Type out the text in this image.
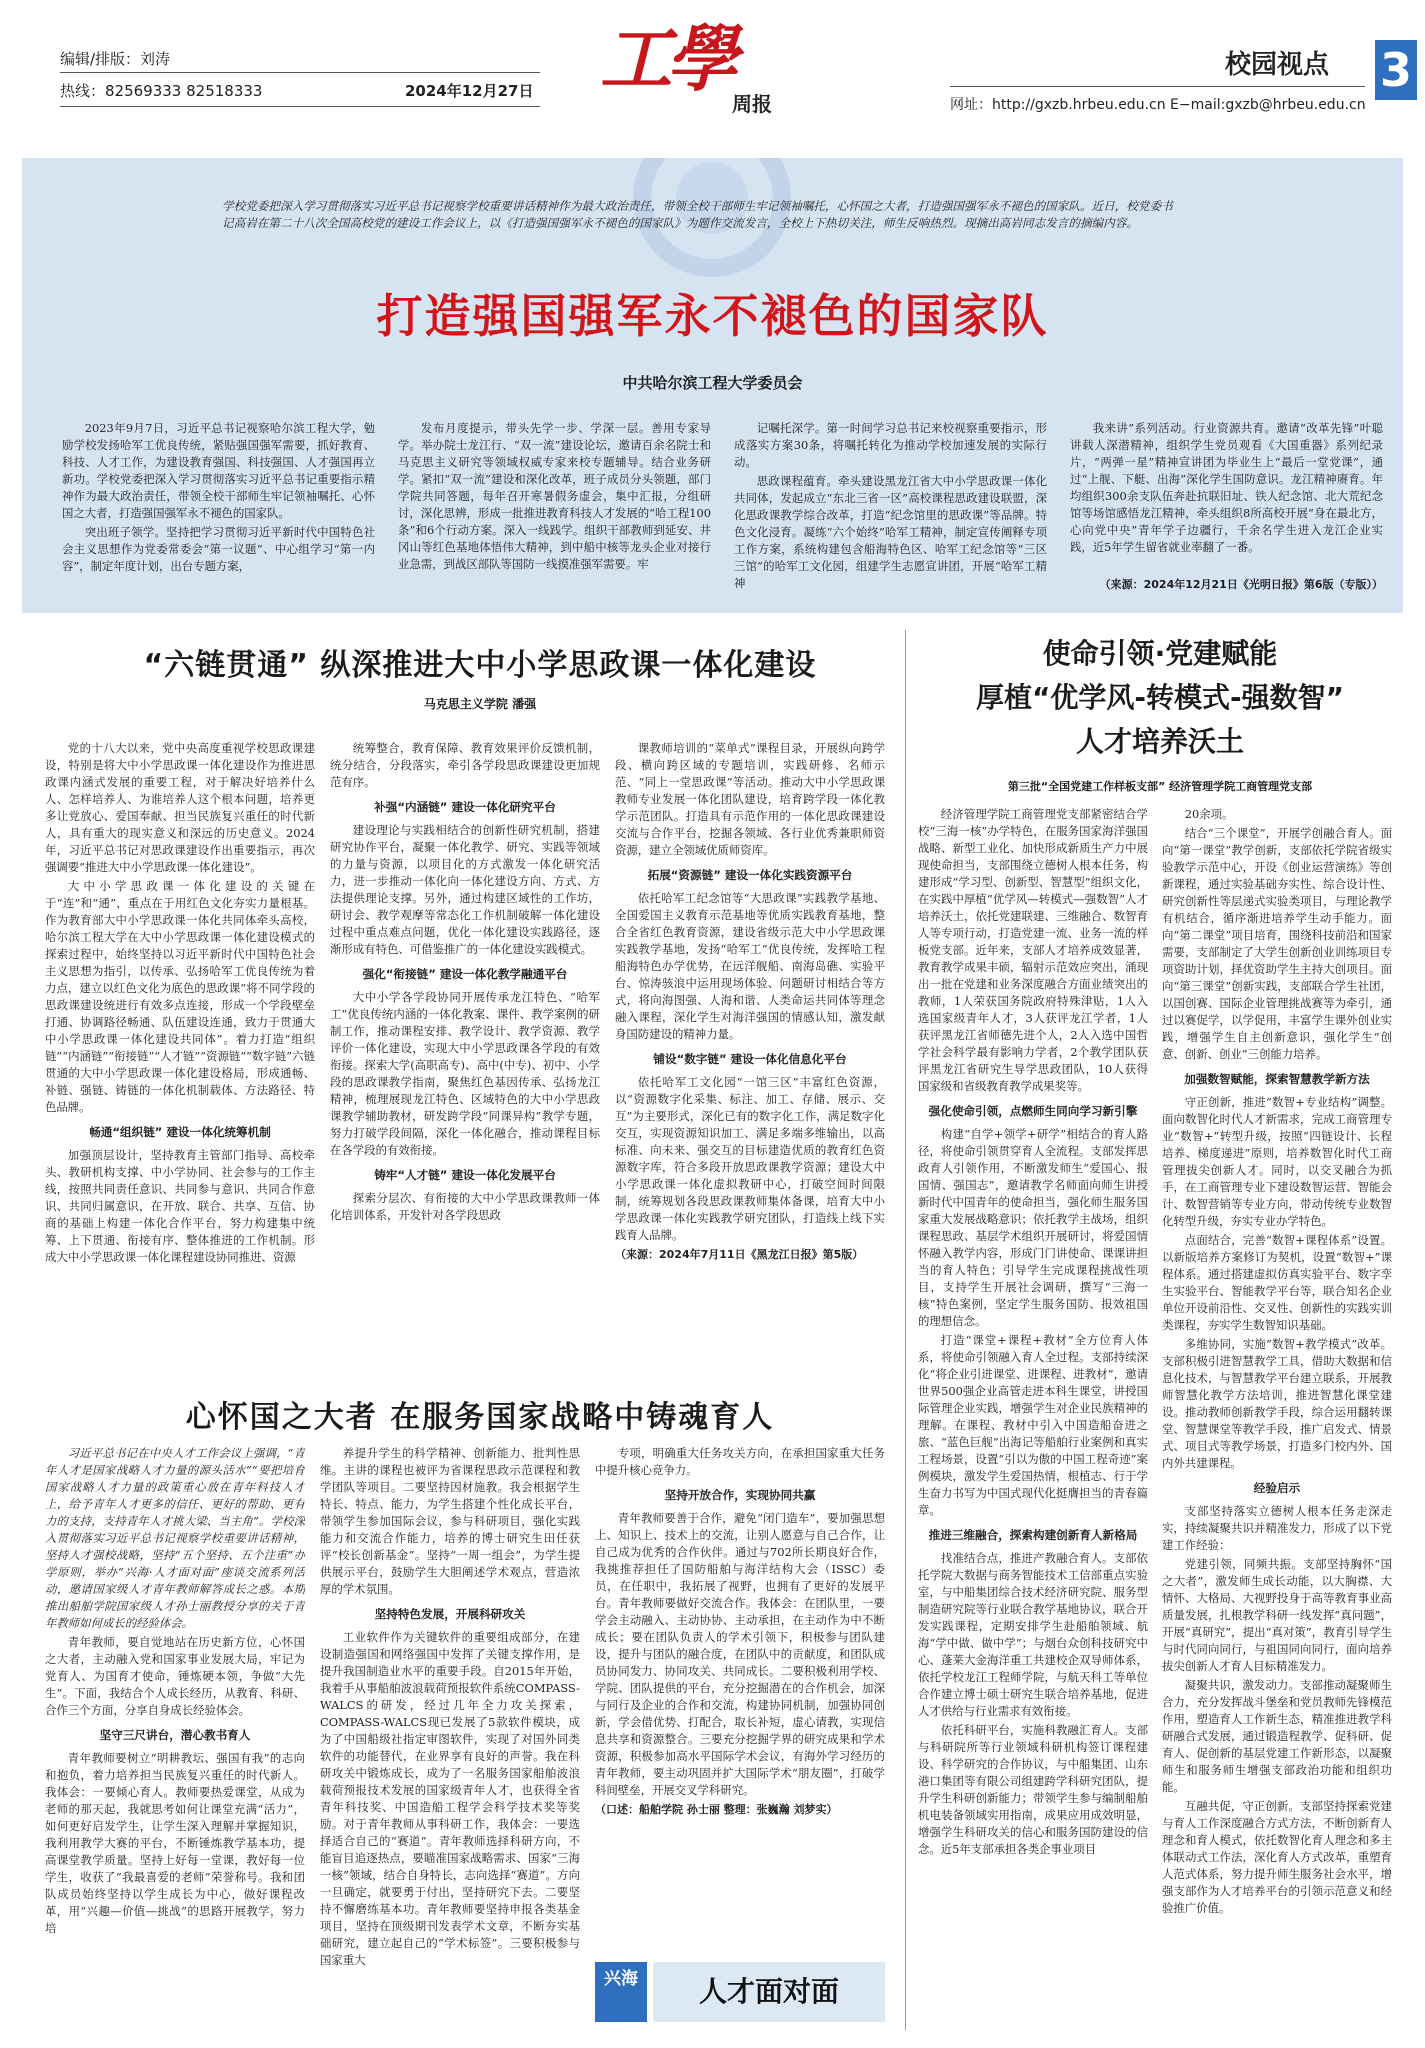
编辑/排版：刘涛
热线：82569333 82518333	2024年12月27日 工學
周报
校园视点 3
网址：http://gxzb.hrbeu.edu.cn E−mail:gxzb@hrbeu.edu.cn
学校党委把深入学习贯彻落实习近平总书记视察学校重要讲话精神作为最大政治责任，带领全校干部师生牢记领袖嘱托，心怀国之大者，打造强国强军永不褪色的国家队。近日，校党委书记高岩在第二十八次全国高校党的建设工作会议上，以《打造强国强军永不褪色的国家队》为题作交流发言，全校上下热切关注，师生反响热烈。现摘出高岩同志发言的摘编内容。
打造强国强军永不褪色的国家队
中共哈尔滨工程大学委员会

2023年9月7日，习近平总书记视察哈尔滨工程大学，勉励学校发扬哈军工优良传统，紧贴强国强军需要，抓好教育、科技、人才工作，为建设教育强国、科技强国、人才强国再立新功。学校党委把深入学习贯彻落实习近平总书记重要指示精神作为最大政治责任，带领全校干部师生牢记领袖嘱托、心怀国之大者，打造强国强军永不褪色的国家队。

突出班子领学。坚持把学习贯彻习近平新时代中国特色社会主义思想作为党委常委会“第一议题”、中心组学习“第一内容”，制定年度计划，出台专题方案，

发布月度提示，带头先学一步、学深一层。善用专家导学。举办院士龙江行、“双一流”建设论坛，邀请百余名院士和马克思主义研究等领域权威专家来校专题辅导。结合业务研学。紧扣“双一流”建设和深化改革，班子成员分头领题，部门学院共同答题，每年召开寒暑假务虚会，集中汇报，分组研讨，深化思辨，形成一批推进教育科技人才发展的“哈工程100条”和6个行动方案。深入一线践学。组织干部教师到延安、井冈山等红色基地体悟伟大精神，到中船中核等龙头企业对接行业急需，到战区部队等国防一线摸准强军需要。牢

记嘱托深学。第一时间学习总书记来校视察重要指示，形成落实方案30条，将嘱托转化为推动学校加速发展的实际行动。

思政课程蕴育。牵头建设黑龙江省大中小学思政课一体化共同体，发起成立“东北三省一区”高校课程思政建设联盟，深化思政课教学综合改革，打造“纪念馆里的思政课”等品牌。特色文化浸育。凝练“六个始终”哈军工精神，制定宣传阐释专项工作方案，系统构建包含船海特色区、哈军工纪念馆等“三区三馆”的哈军工文化园，组建学生志愿宣讲团，开展“哈军工精神

我来讲”系列活动。行业资源共育。邀请“改革先锋”叶聪讲载人深潜精神，组织学生党员观看《大国重器》系列纪录片，“两弹一星”精神宣讲团为毕业生上“最后一堂党课”，通过“上舰、下艇、出海”深化学生国防意识。龙江精神赓育。年均组织300余支队伍奔赴抗联旧址、铁人纪念馆、北大荒纪念馆等场馆感悟龙江精神，牵头组织8所高校开展“身在最北方，心向党中央”青年学子边疆行，千余名学生进入龙江企业实践，近5年学生留省就业率翻了一番。

（来源：2024年12月21日《光明日报》第6版（专版））
“六链贯通” 纵深推进大中小学思政课一体化建设
马克思主义学院 潘强

党的十八大以来，党中央高度重视学校思政课建设，特别是将大中小学思政课一体化建设作为推进思政课内涵式发展的重要工程，对于解决好培养什么人、怎样培养人、为谁培养人这个根本问题，培养更多让党放心、爱国奉献、担当民族复兴重任的时代新人，具有重大的现实意义和深远的历史意义。2024年，习近平总书记对思政课建设作出重要指示，再次强调要“推进大中小学思政课一体化建设”。

大中小学思政课一体化建设的关键在于“连”和“通”，重点在于用红色文化夯实力量根基。作为教育部大中小学思政课一体化共同体牵头高校，哈尔滨工程大学在大中小学思政课一体化建设模式的探索过程中，始终坚持以习近平新时代中国特色社会主义思想为指引，以传承、弘扬哈军工优良传统为着力点，建立以红色文化为底色的思政课“将不同学段的思政课建设统进行有效多点连接，形成一个学段壁垒打通、协调路径畅通、队伍建设连通，致力于贯通大中小学思政课一体化建设共同体”。着力打造“组织链”“内涵链”“衔接链”“人才链”“资源链”“数字链”六链贯通的大中小学思政课一体化建设格局，形成通畅、补链、强链、铸链的一体化机制载体、方法路径、特色品牌。

畅通“组织链” 建设一体化统筹机制

加强顶层设计，坚持教育主管部门指导、高校牵头、教研机构支撑、中小学协同、社会参与的工作主线，按照共同责任意识、共同参与意识、共同合作意识、共同归属意识，在开放、联合、共享、互信、协商的基础上构建一体化合作平台，努力构建集中统筹、上下贯通、衔接有序、整体推进的工作机制。形成大中小学思政课一体化课程建设协同推进、资源

统筹整合，教育保障、教育效果评价反馈机制，统分结合，分段落实，牵引各学段思政课建设更加规范有序。

补强“内涵链” 建设一体化研究平台

建设理论与实践相结合的创新性研究机制，搭建研究协作平台，凝聚一体化教学、研究、实践等领域的力量与资源，以项目化的方式激发一体化研究活力，进一步推动一体化向一体化建设方向、方式、方法提供理论支撑。另外，通过构建区域性的工作坊，研讨会、教学观摩等常态化工作机制破解一体化建设过程中重点难点问题，优化一体化建设实践路径，逐渐形成有特色、可借鉴推广的一体化建设实践模式。

强化“衔接链” 建设一体化教学融通平台

大中小学各学段协同开展传承龙江特色、“哈军工”优良传统内涵的一体化教案、课件、教学案例的研制工作，推动课程安排、教学设计、教学资源、教学评价一体化建设，实现大中小学思政课各学段的有效衔接。探索大学(高职高专)、高中(中专)、初中、小学段的思政课教学指南，聚焦红色基因传承、弘扬龙江精神，梳理展现龙江特色、区域特色的大中小学思政课教学辅助教材，研发跨学段“同课异构”教学专题，努力打破学段间隔，深化一体化融合，推动课程目标在各学段的有效衔接。

铸牢“人才链” 建设一体化发展平台

探索分层次、有衔接的大中小学思政课教师一体化培训体系，开发针对各学段思政

课教师培训的“菜单式”课程目录，开展纵向跨学段、横向跨区域的专题培训，实践研修、名师示范、“同上一堂思政课”等活动。推动大中小学思政课教师专业发展一体化团队建设，培育跨学段一体化教学示范团队。打造具有示范作用的一体化思政课建设交流与合作平台，挖掘各领域、各行业优秀兼职师资资源，建立全领域优质师资库。

拓展“资源链” 建设一体化实践资源平台

依托哈军工纪念馆等“大思政课”实践教学基地、全国爱国主义教育示范基地等优质实践教育基地，整合全省红色教育资源，建设省级示范大中小学思政课实践教学基地，发扬“哈军工”优良传统，发挥哈工程船海特色办学优势，在远洋舰船、南海岛礁、实验平台、惊涛骇浪中运用现场体验、问题研讨相结合等方式，将向海图强、人海和谐、人类命运共同体等理念融入课程，深化学生对海洋强国的情感认知，激发献身国防建设的精神力量。

铺设“数字链” 建设一体化信息化平台

依托哈军工文化园“一馆三区”丰富红色资源，以“资源数字化采集、标注、加工、存储、展示、交互”为主要形式，深化已有的数字化工作，满足数字化交互，实现资源知识加工、满足多端多维输出，以高标准、向未来、强交互的目标建造优质的教育红色资源数字库，符合多段开放思政课教学资源；建设大中小学思政课一体化虚拟教研中心，打破空间时间限制，统筹规划各段思政课教师集体备课，培育大中小学思政课一体化实践教学研究团队，打造线上线下实践育人品牌。

（来源：2024年7月11日《黑龙江日报》第5版）

使命引领·党建赋能
厚植“优学风-转模式-强数智”
人才培养沃土
第三批“全国党建工作样板支部” 经济管理学院工商管理党支部

经济管理学院工商管理党支部紧密结合学校“三海一核”办学特色，在服务国家海洋强国战略、新型工业化、加快形成新质生产力中展现使命担当，支部围绕立德树人根本任务，构建形成“学习型、创新型、智慧型”组织文化，在实践中厚植“优学风—转模式—强数智”人才培养沃土，依托党建联建、三维融合、数智育人等专项行动，打造党建一流、业务一流的样板党支部。近年来，支部人才培养成效显著，教育教学成果丰硕，辐射示范效应突出，涌现出一批在党建和业务深度融合方面业绩突出的教师，1人荣获国务院政府特殊津贴，1人入选国家级青年人才，3人获评龙江学者，1人获评黑龙江省师德先进个人，2人入选中国哲学社会科学最有影响力学者，2个教学团队获评黑龙江省研究生导学思政团队，10人获得国家级和省级教育教学成果奖等。

强化使命引领，点燃师生同向学习新引擎

构建“自学+领学+研学”相结合的育人路径，将使命引领贯穿育人全流程。支部发挥思政育人引领作用，不断激发师生“爱国心、报国情、强国志”，邀请教学名师面向师生讲授新时代中国青年的使命担当，强化师生服务国家重大发展战略意识；依托教学主战场，组织课程思政、基层学术组织开展研讨，将爱国情怀融入教学内容，形成门门讲使命、课课讲担当的育人特色；引导学生完成课程挑战性项目，支持学生开展社会调研，撰写“三海一核”特色案例，坚定学生服务国防、报效祖国的理想信念。

打造“课堂+课程+教材”全方位育人体系，将使命引领融入育人全过程。支部持续深化“将企业引进课堂、进课程、进教材”，邀请世界500强企业高管走进本科生课堂，讲授国际管理企业实践，增强学生对企业民族精神的理解。在课程、教材中引入中国造船奋进之旅、“蓝色巨舰”出海记等船舶行业案例和真实工程场景，设置“引以为傲的中国工程奇迹”案例模块，激发学生爱国热情，根植志、行于学生奋力书写为中国式现代化挺膺担当的青春篇章。

推进三维融合，探索构建创新育人新格局

找准结合点，推进产教融合育人。支部依托学院大数据与商务智能技术工信部重点实验室，与中船集团综合技术经济研究院、服务型制造研究院等行业联合教学基地协议，联合开发实践课程，定期安排学生赴船舶领域、航海“学中做、做中学”；与烟台众创科技研究中心、蓬莱大金海洋重工共建校企双导师体系，依托学校龙江工程师学院，与航天科工等单位合作建立博士硕士研究生联合培养基地，促进人才供给与行业需求有效衔接。

依托科研平台，实施科教融汇育人。支部与科研院所等行业领域科研机构签订课程建设、科学研究的合作协议，与中船集团、山东港口集团等有限公司组建跨学科研究团队，提升学生科研创新能力；带领学生参与编制船舶机电装备领域实用指南，成果应用成效明显，增强学生科研攻关的信心和服务国防建设的信念。近5年支部承担各类企事业项目

20余项。

结合“三个课堂”，开展学创融合育人。面向“第一课堂”教学创新，支部依托学院省级实验教学示范中心，开设《创业运营演练》等创新课程，通过实验基础夯实性、综合设计性、研究创新性等层递式实验类项目，与理论教学有机结合，循序渐进培养学生动手能力。面向“第二课堂”项目培育，围绕科技前沿和国家需要，支部制定了大学生创新创业训练项目专项资助计划，择优资助学生主持大创项目。面向“第三课堂”创新实践，支部联合学生社团，以国创赛、国际企业管理挑战赛等为牵引，通过以赛促学，以学促用，丰富学生课外创业实践，增强学生自主创新意识，强化学生“创意、创新、创业”三创能力培养。

加强数智赋能，探索智慧教学新方法

守正创新，推进“数智+专业结构”调整。面向数智化时代人才新需求，完成工商管理专业“数智+”转型升级，按照“四链设计、长程培养、梯度递进”原则，培养数智化时代工商管理拔尖创新人才。同时，以交叉融合为抓手，在工商管理专业下建设数智运营、智能会计、数智营销等专业方向，带动传统专业数智化转型升级，夯实专业办学特色。

点面结合，完善“数智+课程体系”设置。以新版培养方案修订为契机，设置“数智+”课程体系。通过搭建虚拟仿真实验平台、数字孪生实验平台、智能教学平台等，联合知名企业单位开设前沿性、交叉性、创新性的实践实训类课程，夯实学生数智知识基础。

多维协同，实施“数智+教学模式”改革。支部积极引进智慧教学工具，借助大数据和信息化技术，与智慧教学平台建立联系，开展教师智慧化教学方法培训，推进智慧化课堂建设。推动教师创新教学手段，综合运用翻转课堂、智慧课堂等教学手段，推广启发式、情景式、项目式等教学场景，打造多门校内外、国内外共建课程。

经验启示

支部坚持落实立德树人根本任务走深走实，持续凝聚共识并精准发力，形成了以下党建工作经验：

党建引领，同频共振。支部坚持胸怀“国之大者”，激发师生成长动能，以大胸襟、大情怀、大格局、大视野投身于高等教育事业高质量发展，扎根教学科研一线发挥“真问题”，开展“真研究”，提出“真对策”，教育引导学生与时代同向同行，与祖国同向同行，面向培养拔尖创新人才育人目标精准发力。

凝聚共识，激发动力。支部推动凝聚师生合力，充分发挥战斗堡垒和党员教师先锋模范作用，塑造育人工作新生态，精准推进教学科研融合式发展，通过锻造程教学、促科研、促育人、促创新的基层党建工作新形态，以凝聚师生和服务师生增强支部政治功能和组织功能。

互融共促，守正创新。支部坚持探索党建与育人工作深度融合方式方法，不断创新育人理念和育人模式，依托数智化育人理念和多主体联动式工作法，深化育人方式改革，重塑育人范式体系，努力提升师生服务社会水平，增强支部作为人才培养平台的引领示范意义和经验推广价值。

心怀国之大者 在服务国家战略中铸魂育人

习近平总书记在中央人才工作会议上强调，“青年人才是国家战略人才力量的源头活水”“要把培育国家战略人才力量的政策重心放在青年科技人才上，给予青年人才更多的信任、更好的帮助、更有力的支持，支持青年人才挑大梁、当主角”。学校深入贯彻落实习近平总书记视察学校重要讲话精神，坚持人才强校战略，坚持“五个坚持、五个注重”办学原则，举办“兴海·人才面对面”座谈交流系列活动，邀请国家级人才青年教师解答成长之惑。本期推出船舶学院国家级人才孙士丽教授分享的关于青年教师如何成长的经验体会。

青年教师，要自觉地站在历史新方位，心怀国之大者，主动融入党和国家事业发展大局，牢记为党育人、为国育才使命，锤炼硬本领，争做“大先生”。下面，我结合个人成长经历，从教育、科研、合作三个方面，分享自身成长经验体会。

坚守三尺讲台，潜心教书育人

青年教师要树立“明耕教坛、强国有我”的志向和抱负，着力培养担当民族复兴重任的时代新人。我体会：一要倾心育人。教师要热爱课堂，从成为老师的那天起，我就思考如何让课堂充满“活力”，如何更好启发学生，让学生深入理解并掌握知识，我利用教学大赛的平台，不断锤炼教学基本功，提高课堂教学质量。坚持上好每一堂课，教好每一位学生，收获了“我最喜爱的老师”荣誉称号。我和团队成员始终坚持以学生成长为中心，做好课程改革，用“兴趣—价值—挑战”的思路开展教学，努力培

养提升学生的科学精神、创新能力、批判性思维。主讲的课程也被评为省课程思政示范课程和教学团队等项目。二要坚持因材施教。我会根据学生特长、特点、能力，为学生搭建个性化成长平台，带领学生参加国际会议，参与科研项目，强化实践能力和交流合作能力，培养的博士研究生田任获评“校长创新基金”。坚持“一周一组会”，为学生提供展示平台，鼓励学生大胆阐述学术观点，营造浓厚的学术氛围。

坚持特色发展，开展科研攻关

工业软件作为关键软件的重要组成部分，在建设制造强国和网络强国中发挥了关键支撑作用，是提升我国制造业水平的重要手段。自2015年开始，我着手从事船舶波浪载荷预报软件系统COMPASS-WALCS的研发，经过几年全力攻关探索，COMPASS-WALCS现已发展了5款软件模块，成为了中国船级社指定审图软件，实现了对国外同类软件的功能替代，在业界享有良好的声誉。我在科研攻关中锻炼成长，成为了一名服务国家船舶波浪载荷预报技术发展的国家级青年人才，也获得全省青年科技奖、中国造船工程学会科学技术奖等奖励。对于青年教师从事科研工作，我体会：一要选择适合自己的“赛道”。青年教师选择科研方向，不能盲目追逐热点，要瞄准国家战略需求、国家“三海一核”领域，结合自身特长，志向选择“赛道”。方向一旦确定，就要勇于付出，坚持研究下去。二要坚持不懈磨练基本功。青年教师要坚持申报各类基金项目，坚持在顶级期刊发表学术文章，不断夯实基础研究，建立起自己的“学术标签”。三要积极参与国家重大

专项，明确重大任务攻关方向，在承担国家重大任务中提升核心竞争力。

坚持开放合作，实现协同共赢

青年教师要善于合作，避免“闭门造车”，要加强思想上、知识上、技术上的交流，让别人愿意与自己合作，让自己成为优秀的合作伙伴。通过与702所长期良好合作，我挑推荐担任了国防船舶与海洋结构大会（ISSC）委员，在任职中，我拓展了视野，也拥有了更好的发展平台。青年教师要做好交流合作。我体会：在团队里，一要学会主动融入、主动协协、主动承担，在主动作为中不断成长；要在团队负责人的学术引领下，积极参与团队建设，提升与团队的融合度，在团队中的贡献度，和团队成员协同发力、协同攻关、共同成长。二要积极利用学校、学院、团队提供的平台，充分挖掘潜在的合作机会，加深与同行及企业的合作和交流，构建协同机制，加强协同创新，学会借优势、打配合，取长补短，虚心请教，实现信息共享和资源整合。三要充分挖掘学界的研究成果和学术资源，积极参加高水平国际学术会议，有海外学习经历的青年教师，要主动巩固并扩大国际学术“朋友圈”，打破学科间壁垒，开展交叉学科研究。

（口述：船舶学院 孙士丽 整理：张巍瀚 刘梦实）

兴海	人才面对面
